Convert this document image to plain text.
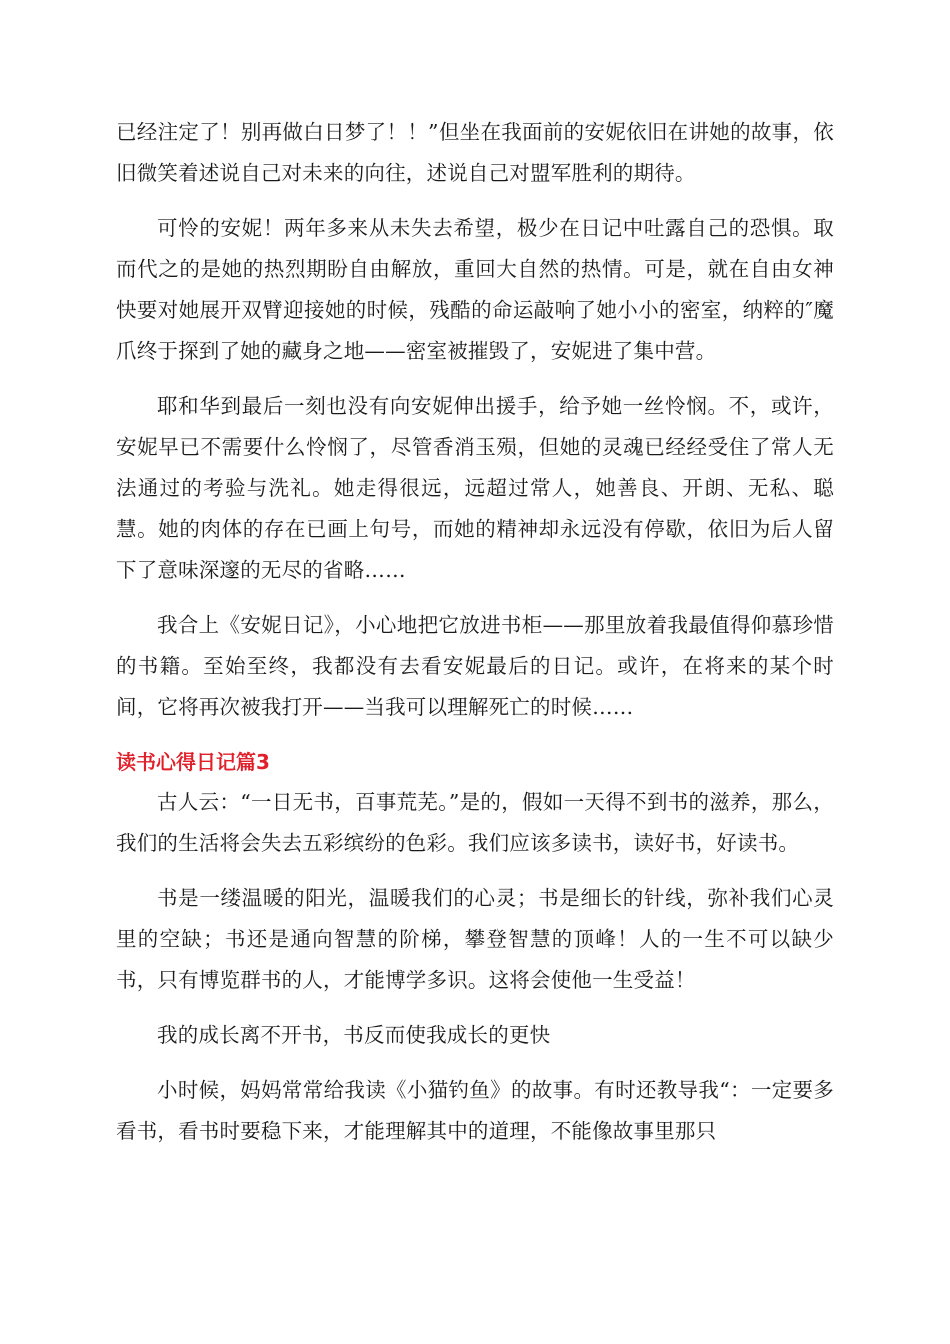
已经注定了！别再做白日梦了！！”但坐在我面前的安妮依旧在讲她的故事，依旧微笑着述说自己对未来的向往，述说自己对盟军胜利的期待。

可怜的安妮！两年多来从未失去希望，极少在日记中吐露自己的恐惧。取而代之的是她的热烈期盼自由解放，重回大自然的热情。可是，就在自由女神快要对她展开双臂迎接她的时候，残酷的命运敲响了她小小的密室，纳粹的″魔爪终于探到了她的藏身之地——密室被摧毁了，安妮进了集中营。

耶和华到最后一刻也没有向安妮伸出援手，给予她一丝怜悯。不，或许，安妮早已不需要什么怜悯了，尽管香消玉殒，但她的灵魂已经经受住了常人无法通过的考验与洗礼。她走得很远，远超过常人，她善良、开朗、无私、聪慧。她的肉体的存在已画上句号，而她的精神却永远没有停歇，依旧为后人留下了意味深邃的无尽的省略……

我合上《安妮日记》，小心地把它放进书柜——那里放着我最值得仰慕珍惜的书籍。至始至终，我都没有去看安妮最后的日记。或许，在将来的某个时间，它将再次被我打开——当我可以理解死亡的时候……

读书心得日记篇3

古人云：“一日无书，百事荒芜。”是的，假如一天得不到书的滋养，那么，我们的生活将会失去五彩缤纷的色彩。我们应该多读书，读好书，好读书。

书是一缕温暖的阳光，温暖我们的心灵；书是细长的针线，弥补我们心灵里的空缺；书还是通向智慧的阶梯，攀登智慧的顶峰！人的一生不可以缺少书，只有博览群书的人，才能博学多识。这将会使他一生受益！

我的成长离不开书，书反而使我成长的更快

小时候，妈妈常常给我读《小猫钓鱼》的故事。有时还教导我“：一定要多看书，看书时要稳下来，才能理解其中的道理，不能像故事里那只
